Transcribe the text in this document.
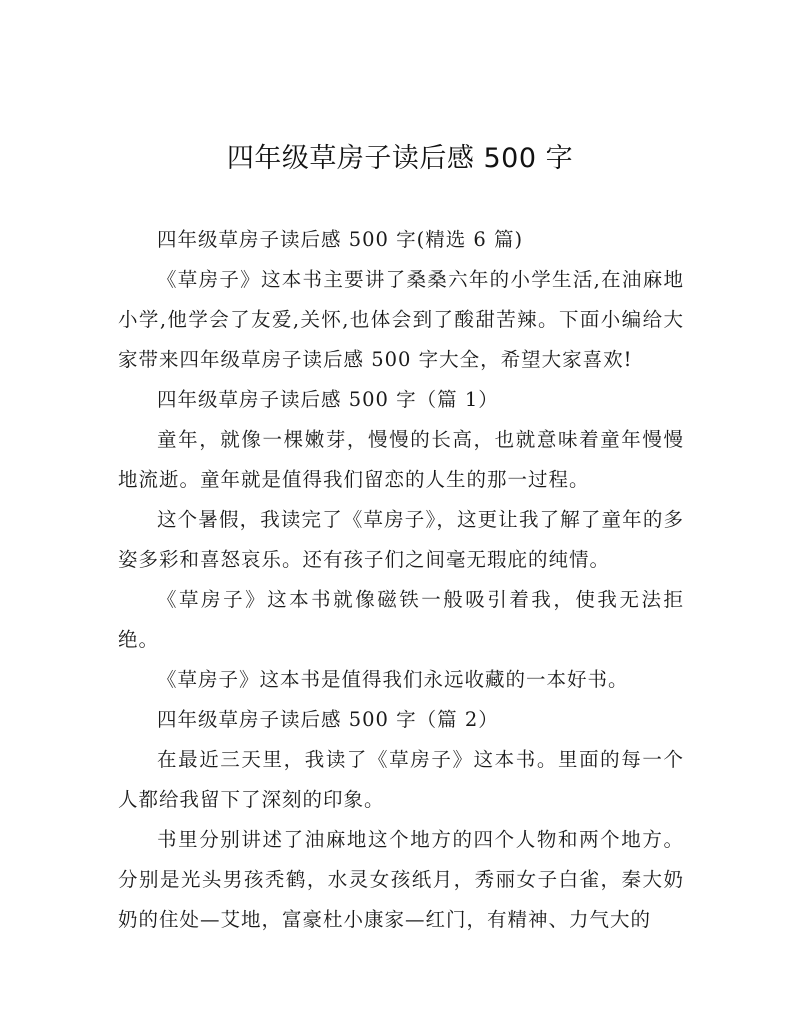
四年级草房子读后感 500 字

四年级草房子读后感 500 字(精选 6 篇)

《草房子》这本书主要讲了桑桑六年的小学生活,在油麻地小学,他学会了友爱,关怀,也体会到了酸甜苦辣。下面小编给大家带来四年级草房子读后感 500 字大全，希望大家喜欢!

四年级草房子读后感 500 字（篇 1）

童年，就像一棵嫩芽，慢慢的长高，也就意味着童年慢慢地流逝。童年就是值得我们留恋的人生的那一过程。

这个暑假，我读完了《草房子》，这更让我了解了童年的多姿多彩和喜怒哀乐。还有孩子们之间毫无瑕庇的纯情。

《草房子》这本书就像磁铁一般吸引着我，使我无法拒绝。

《草房子》这本书是值得我们永远收藏的一本好书。

四年级草房子读后感 500 字（篇 2）

在最近三天里，我读了《草房子》这本书。里面的每一个人都给我留下了深刻的印象。

书里分别讲述了油麻地这个地方的四个人物和两个地方。分别是光头男孩秃鹤，水灵女孩纸月，秀丽女子白雀，秦大奶奶的住处—艾地，富豪杜小康家—红门，有精神、力气大的
